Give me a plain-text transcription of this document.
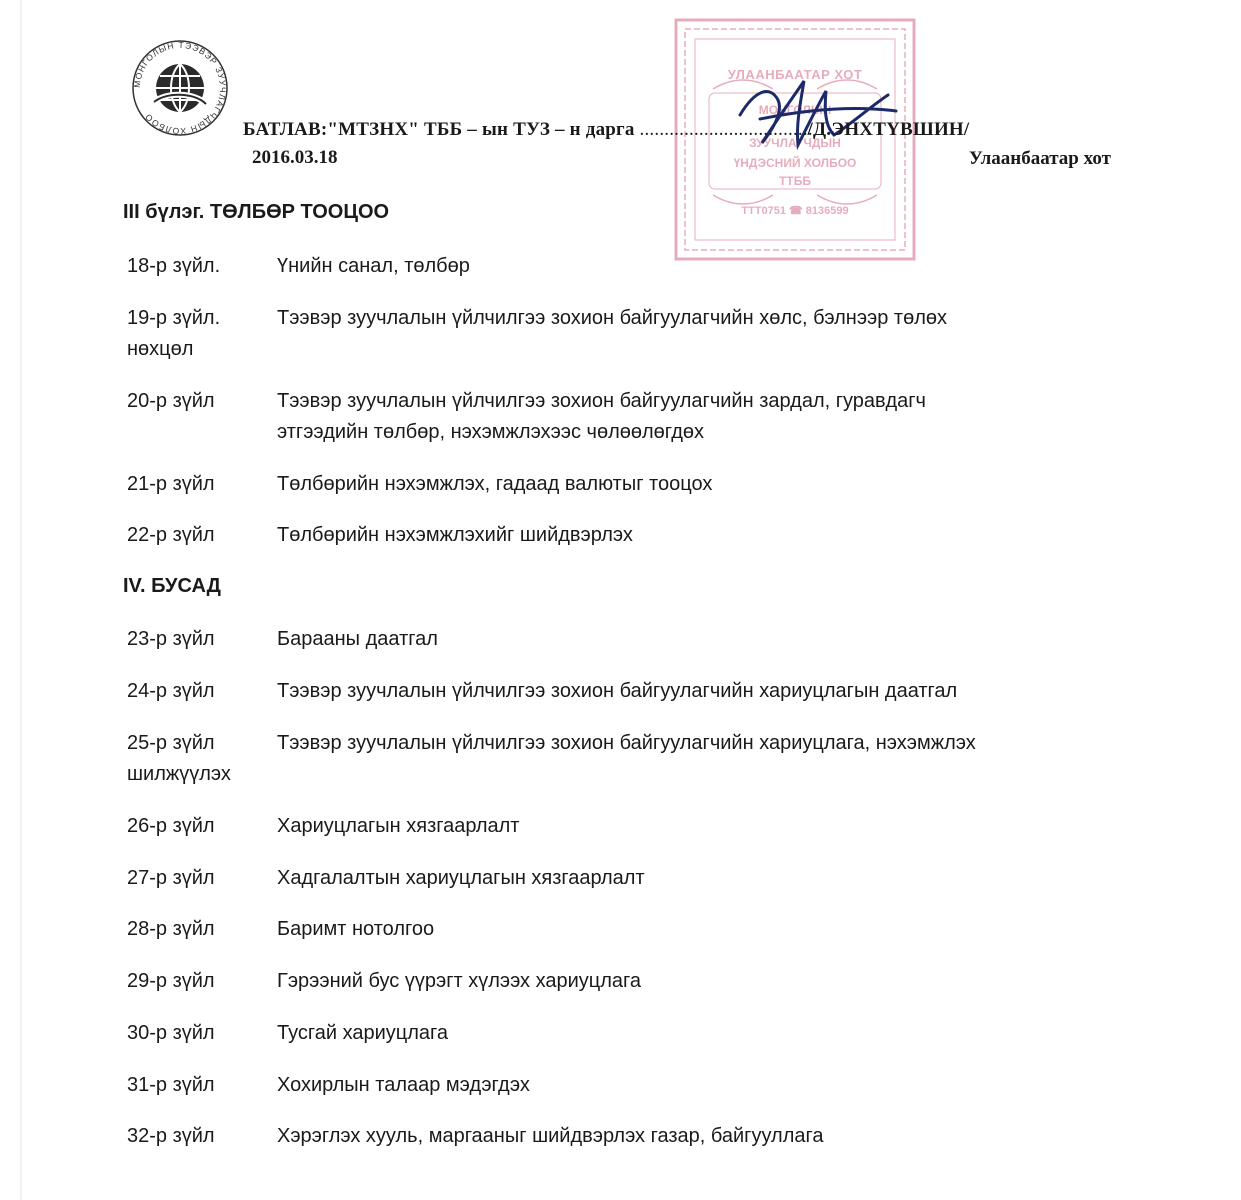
МОНГОЛЫН ТЭЭВЭР ЗУУЧЛАГЧДЫН ХОЛБОО
УЛААНБААТАР ХОТ
МОНГОЛЫН
ЗУУЧЛАГЧДЫН
ҮНДЭСНИЙ ХОЛБОО
ТТББ
ТТТ0751 ☎ 8136599
БАТЛАВ:"МТЗНХ" ТББ – ын ТУЗ – н дарга .................................../Д.ЭНХТҮВШИН/
2016.03.18	Улаанбаатар хот
III бүлэг. ТӨЛБӨР ТООЦОО
18-р зүйл.	Үнийн санал, төлбөр
19-р зүйл.	Тээвэр зуучлалын үйлчилгээ зохион байгуулагчийн хөлс, бэлнээр төлөх
нөхцөл
20-р зүйл	Тээвэр зуучлалын үйлчилгээ зохион байгуулагчийн зардал, гуравдагч
этгээдийн төлбөр, нэхэмжлэхээс чөлөөлөгдөх
21-р зүйл	Төлбөрийн нэхэмжлэх, гадаад валютыг тооцох
22-р зүйл	Төлбөрийн нэхэмжлэхийг шийдвэрлэх
IV. БУСАД
23-р зүйл	Барааны даатгал
24-р зүйл	Тээвэр зуучлалын үйлчилгээ зохион байгуулагчийн хариуцлагын даатгал
25-р зүйл	Тээвэр зуучлалын үйлчилгээ зохион байгуулагчийн хариуцлага, нэхэмжлэх
шилжүүлэх
26-р зүйл	Хариуцлагын хязгаарлалт
27-р зүйл	Хадгалалтын хариуцлагын хязгаарлалт
28-р зүйл	Баримт нотолгоо
29-р зүйл	Гэрээний бус үүрэгт хүлээх хариуцлага
30-р зүйл	Тусгай хариуцлага
31-р зүйл	Хохирлын талаар мэдэгдэх
32-р зүйл	Хэрэглэх хууль, маргааныг шийдвэрлэх газар, байгууллага
